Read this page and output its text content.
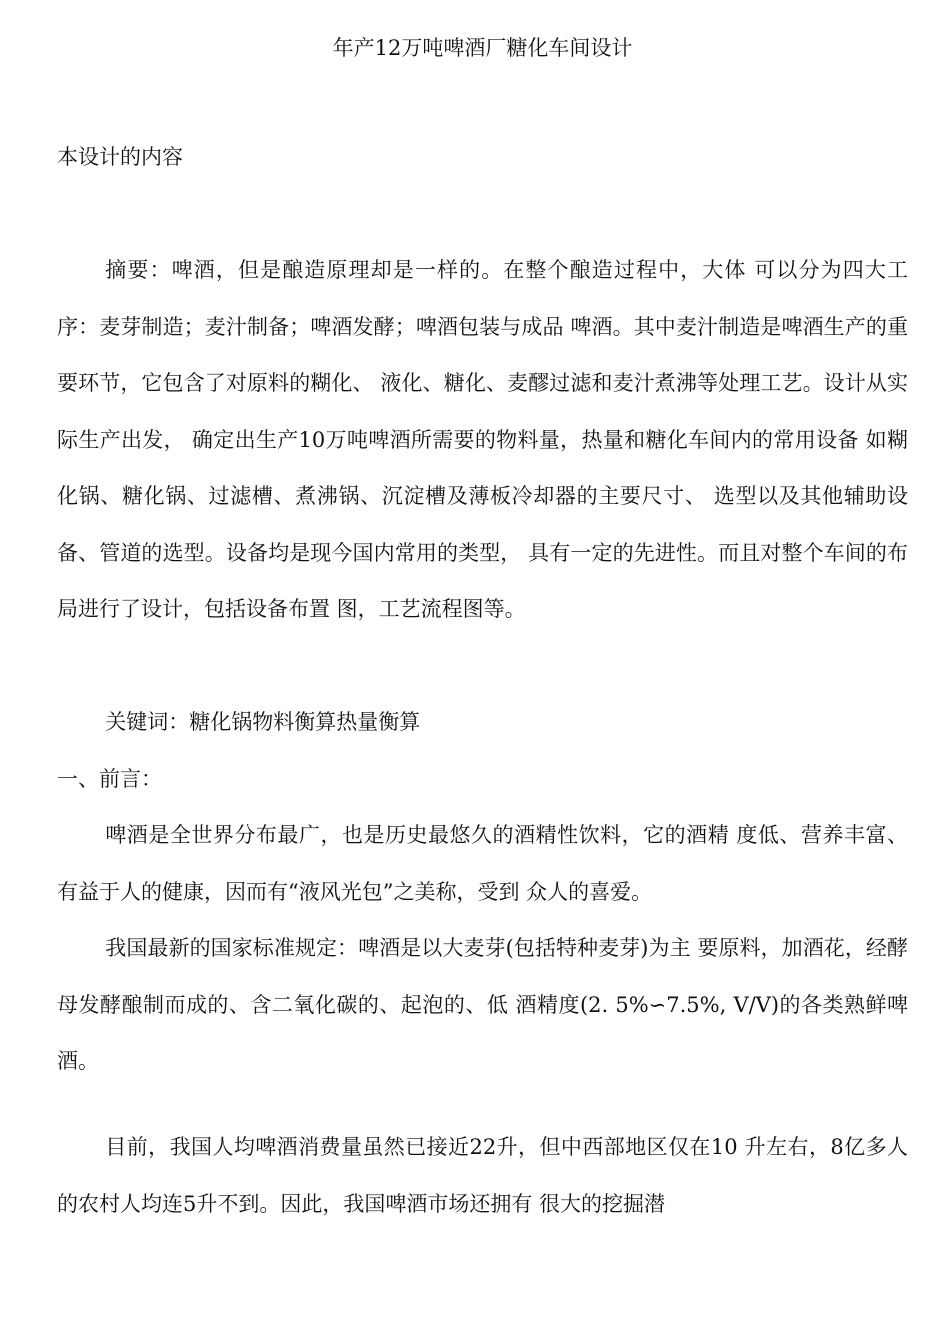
年产12万吨啤酒厂糖化车间设计
本设计的内容

摘要：啤酒，但是酿造原理却是一样的。在整个酿造过程中，大体 可以分为四大工序：麦芽制造；麦汁制备；啤酒发酵；啤酒包装与成品 啤酒。其中麦汁制造是啤酒生产的重要环节，它包含了对原料的糊化、 液化、糖化、麦醪过滤和麦汁煮沸等处理工艺。设计从实际生产出发， 确定出生产10万吨啤酒所需要的物料量，热量和糖化车间内的常用设备 如糊化锅、糖化锅、过滤槽、煮沸锅、沉淀槽及薄板冷却器的主要尺寸、 选型以及其他辅助设备、管道的选型。设备均是现今国内常用的类型， 具有一定的先进性。而且对整个车间的布局进行了设计，包括设备布置 图，工艺流程图等。

关键词：糖化锅物料衡算热量衡算

一、前言：

啤酒是全世界分布最广，也是历史最悠久的酒精性饮料，它的酒精 度低、营养丰富、有益于人的健康，因而有“液风光包”之美称，受到 众人的喜爱。

我国最新的国家标准规定：啤酒是以大麦芽(包括特种麦芽)为主 要原料，加酒花，经酵母发酵酿制而成的、含二氧化碳的、起泡的、低 酒精度(2. 5%∽7.5%, V/V)的各类熟鲜啤酒。

目前，我国人均啤酒消费量虽然已接近22升，但中西部地区仅在10 升左右，8亿多人的农村人均连5升不到。因此，我国啤酒市场还拥有 很大的挖掘潜
